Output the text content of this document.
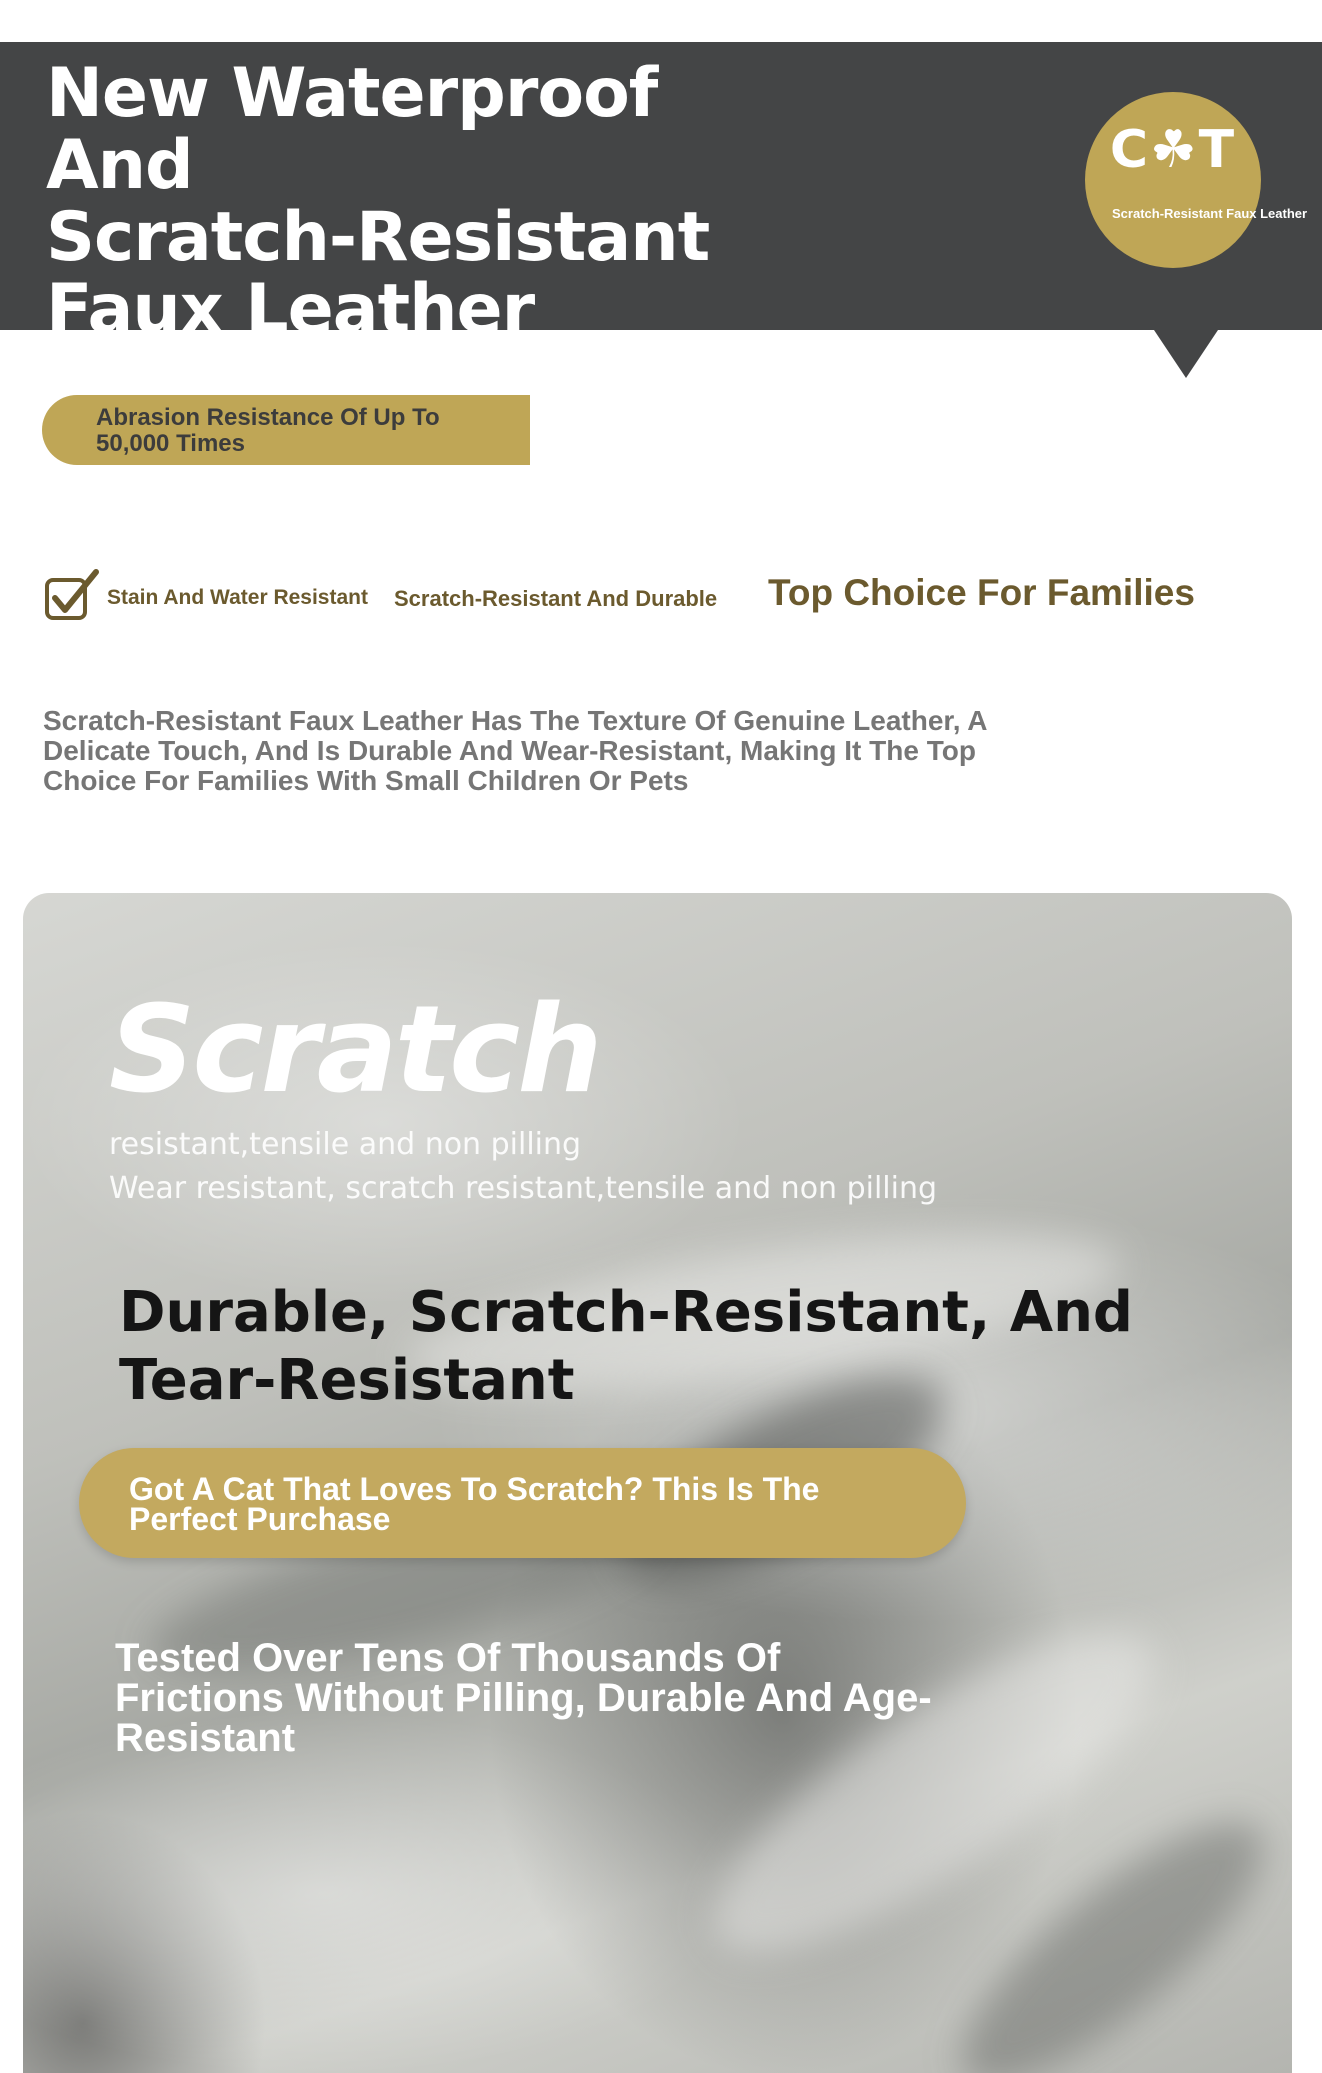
New Waterproof And
Scratch-Resistant
Faux Leather
C☘T
Scratch-Resistant Faux Leather
Abrasion Resistance Of Up To 50,000 Times
Stain And Water Resistant Scratch-Resistant And Durable Top Choice For Families

Scratch-Resistant Faux Leather Has The Texture Of Genuine Leather, A Delicate Touch, And Is Durable And Wear-Resistant, Making It The Top Choice For Families With Small Children Or Pets

Scratch
resistant,tensile and non pilling
Wear resistant, scratch resistant,tensile and non pilling
Durable, Scratch-Resistant, And
Tear-Resistant
Got A Cat That Loves To Scratch? This Is The Perfect Purchase

Tested Over Tens Of Thousands Of Frictions Without Pilling, Durable And Age-Resistant
